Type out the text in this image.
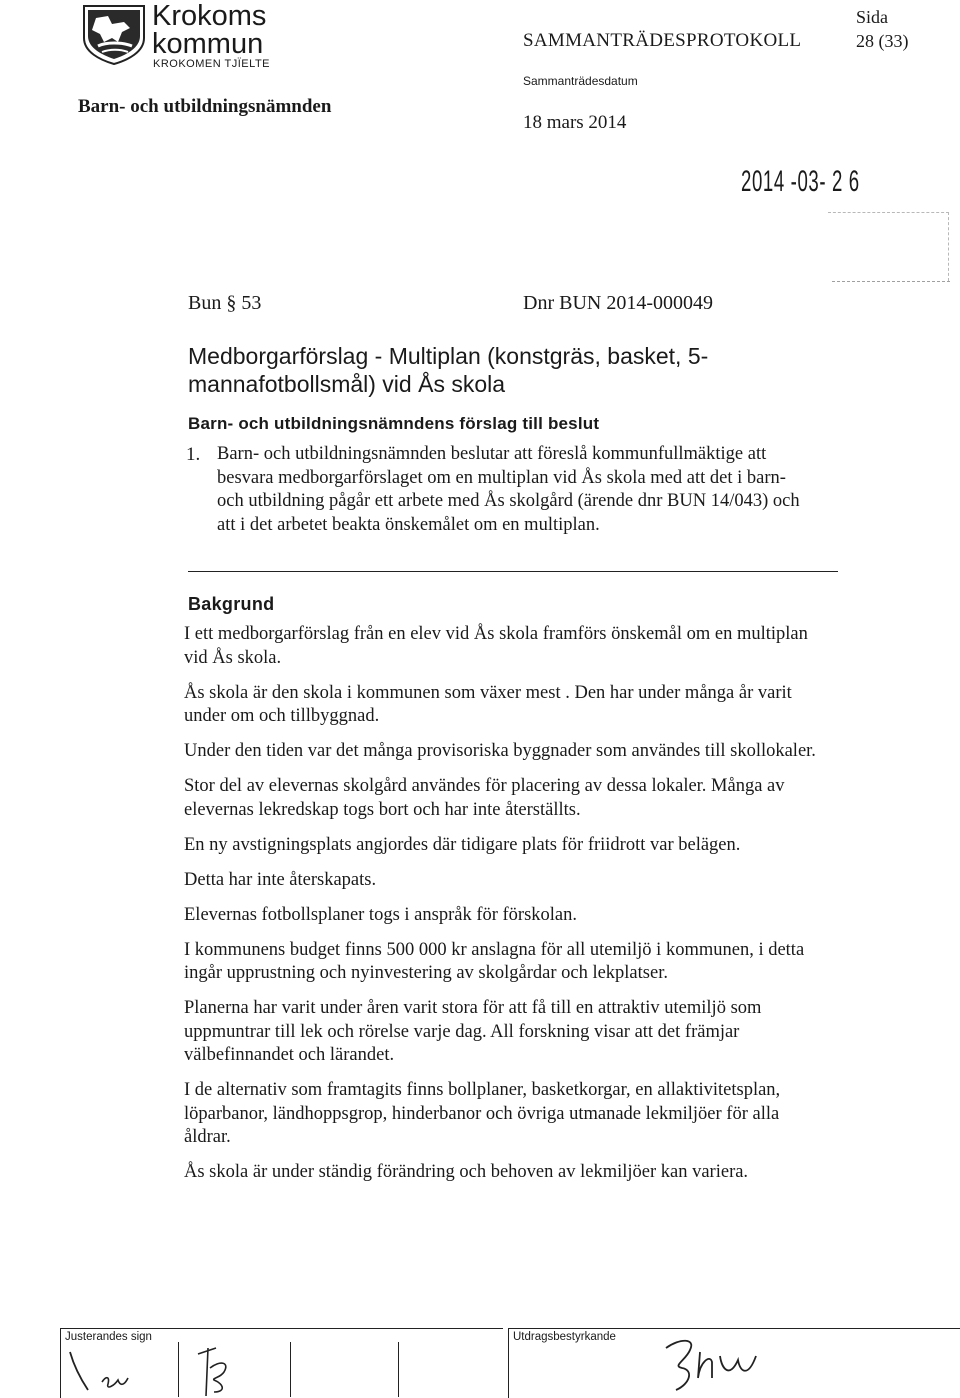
Krokoms
kommun
KROKOMEN TJÏELTE
Barn- och utbildningsnämnden
SAMMANTRÄDESPROTOKOLL
Sammanträdesdatum
18 mars 2014
Sida
28 (33)
2014 -03- 2 6
Bun § 53	Dnr BUN 2014-000049
Medborgarförslag - Multiplan (konstgräs, basket, 5-mannafotbollsmål) vid Ås skola
Barn- och utbildningsnämndens förslag till beslut
1. Barn- och utbildningsnämnden beslutar att föreslå kommunfullmäktige att besvara medborgarförslaget om en multiplan vid Ås skola med att det i barn- och utbildning pågår ett arbete med Ås skolgård (ärende dnr BUN 14/043) och att i det arbetet beakta önskemålet om en multiplan.
Bakgrund

I ett medborgarförslag från en elev vid Ås skola framförs önskemål om en multiplan vid Ås skola.

Ås skola är den skola i kommunen som växer mest . Den har under många år varit under om och tillbyggnad.

Under den tiden var det många provisoriska byggnader som användes till skollokaler.

Stor del av elevernas skolgård användes för placering av dessa lokaler. Många av elevernas lekredskap togs bort och har inte återställts.

En ny avstigningsplats angjordes där tidigare plats för friidrott var belägen.

Detta har inte återskapats.

Elevernas fotbollsplaner togs i anspråk för förskolan.

I kommunens budget finns 500 000 kr anslagna för all utemiljö i kommunen, i detta ingår upprustning och nyinvestering av skolgårdar och lekplatser.

Planerna har varit under åren varit stora för att få till en attraktiv utemiljö som uppmuntrar till lek och rörelse varje dag. All forskning visar att det främjar välbefinnandet och lärandet.

I de alternativ som framtagits finns bollplaner, basketkorgar, en allaktivitetsplan, löparbanor, ländhoppsgrop, hinderbanor och övriga utmanade lekmiljöer för alla åldrar.

Ås skola är under ständig förändring och behoven av lekmiljöer kan variera.

Justerandes sign	Utdragsbestyrkande
